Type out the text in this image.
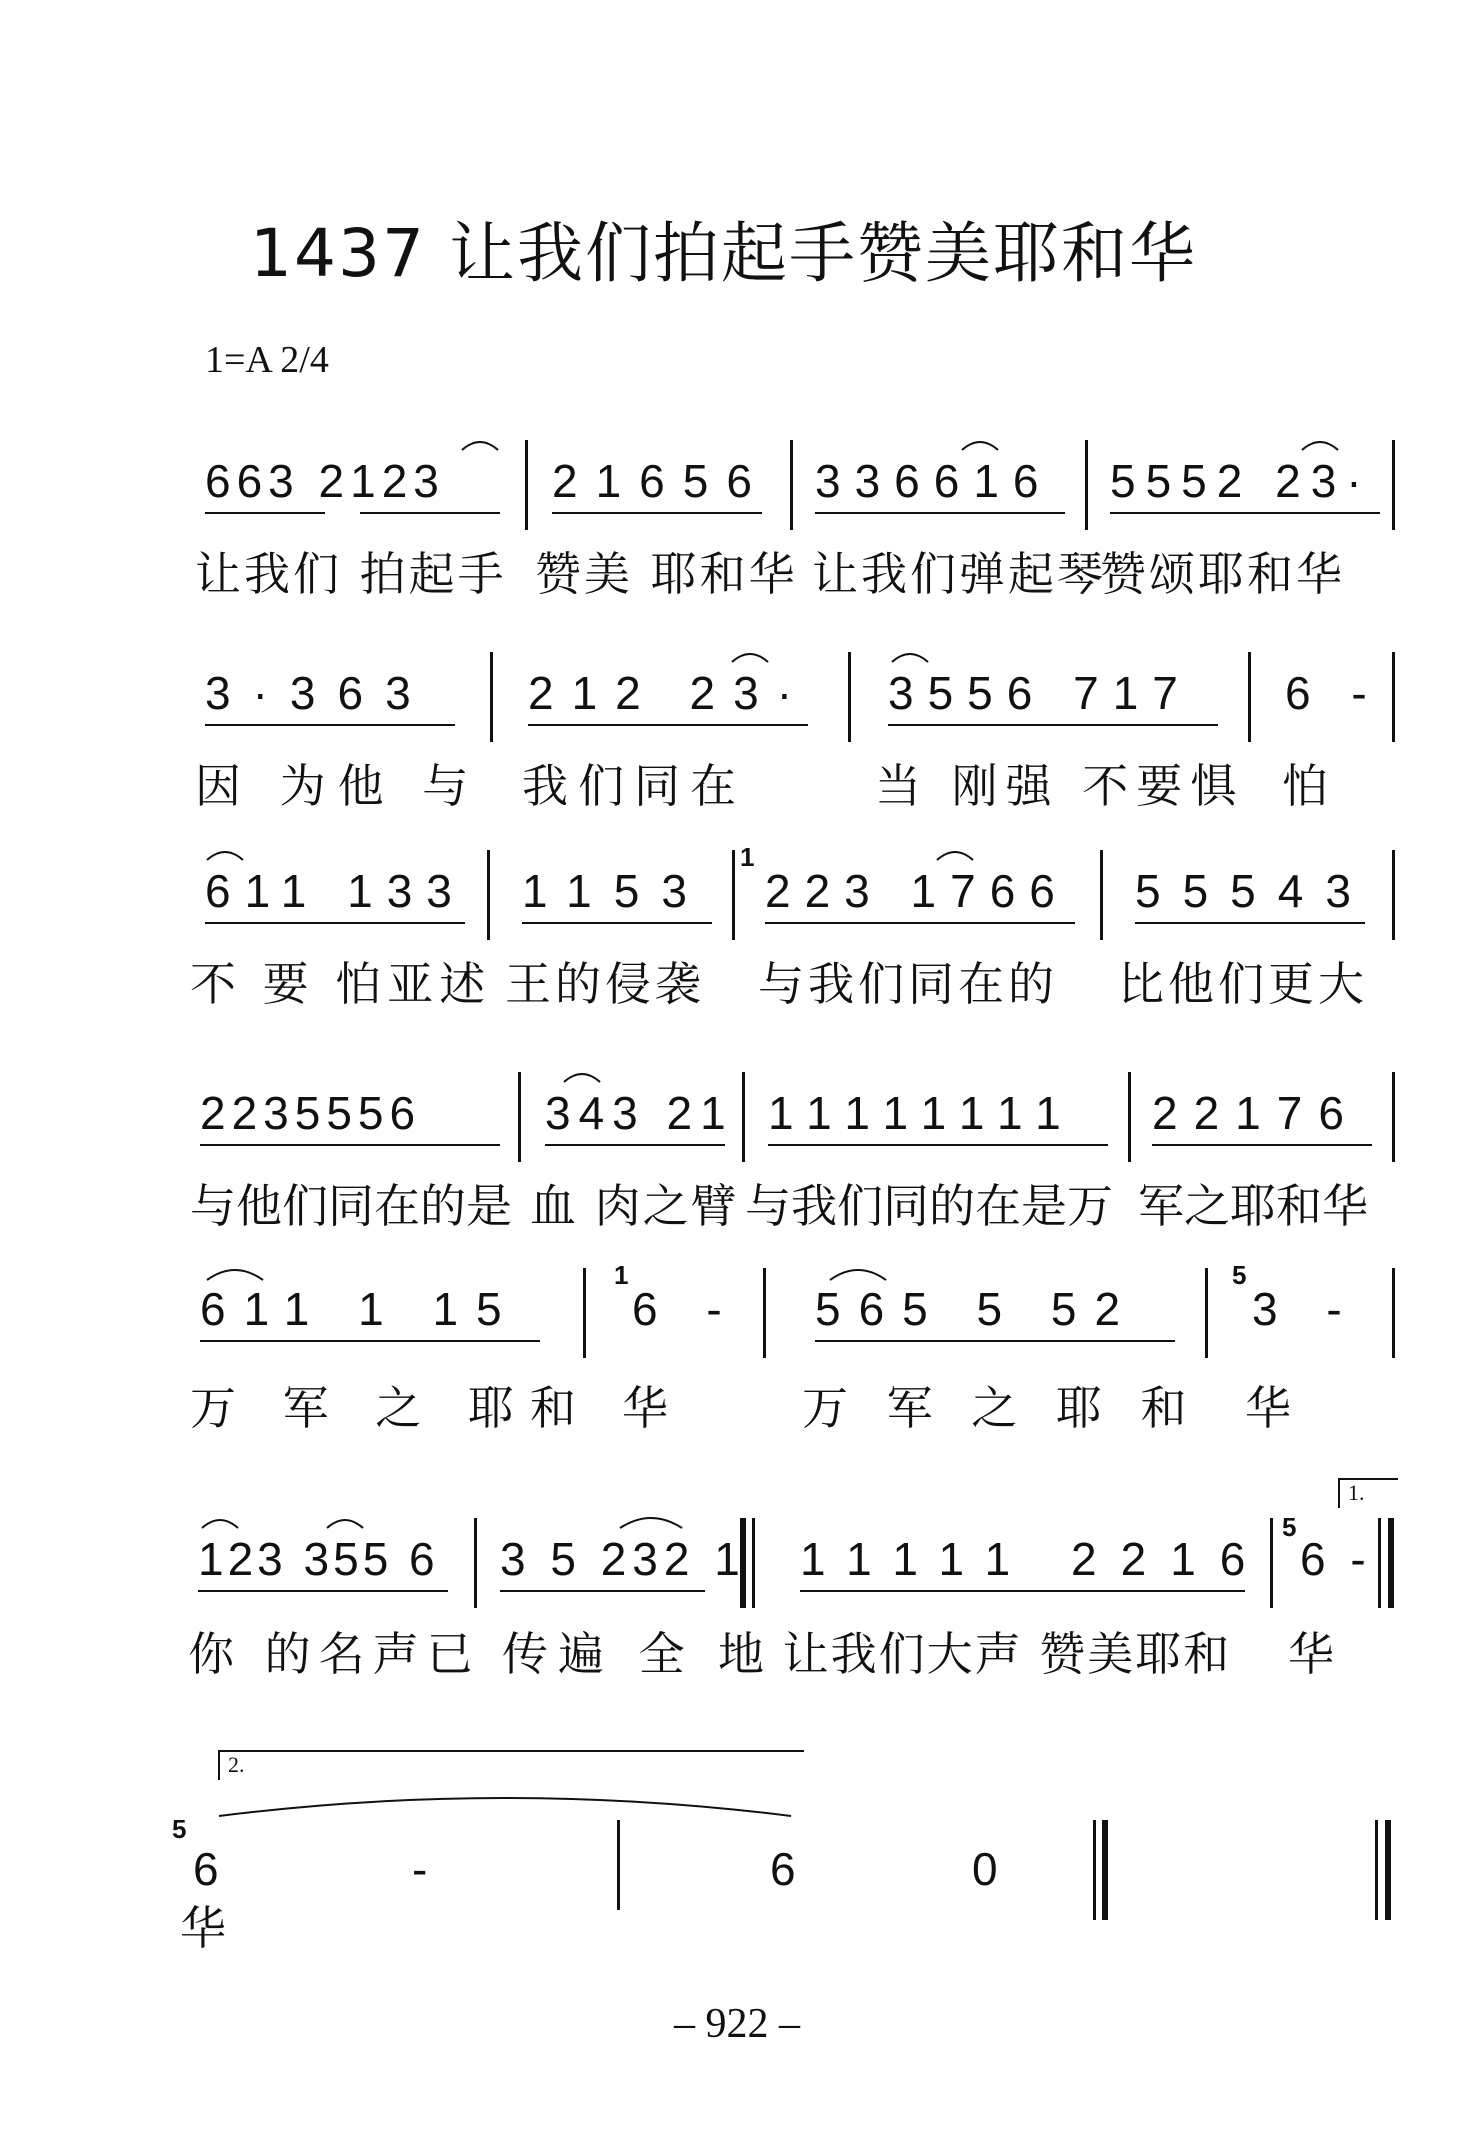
1437 让我们拍起手赞美耶和华
1=A 2/4
663 2123 21656 336616 5552 23·
让我们 拍起手 赞美 耶和华 让我们弹起琴
赞颂耶和华
3·363 212 23· 3556 717 6 -
因 为他 与 我们同在	当 刚强 不要惧 怕
1
611 133 1153 223 1766 55543
不 要 怕亚述 王的侵袭 与我们同在的 比他们更大
2235556	343 21 11111111 22176
与他们同在的是 血 肉之臂 与我们同的在是万 军之耶和华
1	5
611 1 15 6 - 565 5 52 3 -
万 军 之 耶和 华	万 军 之 耶 和 华
1.
5
123 355 6 3 5 232 1 11111 2216 6 -
你 的名声已 传遍 全 地 让我们大声 赞美耶和 华
2.
5
6	-	6	0
华
– 922 –
